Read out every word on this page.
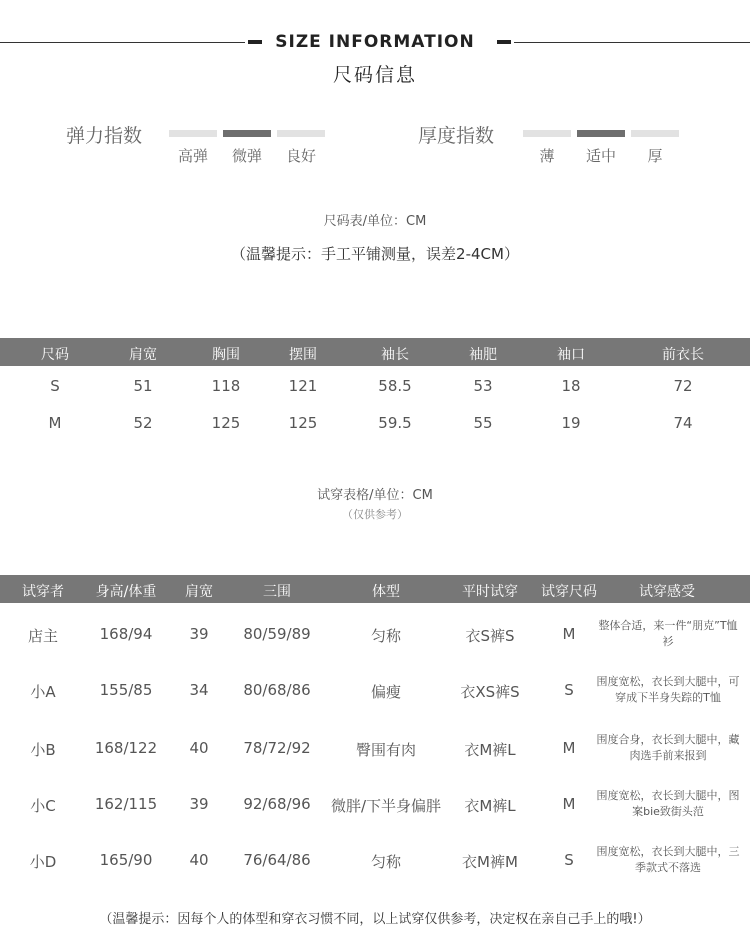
SIZE INFORMATION
尺码信息
弹力指数
高弹	微弹	良好
厚度指数
薄	适中	厚
尺码表/单位：CM
（温馨提示：手工平铺测量，误差2-4CM）
尺码	肩宽	胸围	摆围	袖长	袖肥	袖口	前衣长
S	51	118	121	58.5	53	18	72
M	52	125	125	59.5	55	19	74
试穿表格/单位：CM
（仅供参考）
试穿者	身高/体重	肩宽	三围	体型	平时试穿	试穿尺码	试穿感受
店主	168/94	39	80/59/89	匀称	衣S裤S	M	整体合适，来一件“朋克”T恤衫
小A	155/85	34	80/68/86	偏瘦	衣XS裤S	S	围度宽松，衣长到大腿中，可穿成下半身失踪的T恤
小B	168/122	40	78/72/92	臀围有肉	衣M裤L	M	围度合身，衣长到大腿中，藏肉选手前来报到
小C	162/115	39	92/68/96	微胖/下半身偏胖	衣M裤L	M	围度宽松，衣长到大腿中，图案bie致街头范
小D	165/90	40	76/64/86	匀称	衣M裤M	S	围度宽松，衣长到大腿中，三季款式不落选
（温馨提示：因每个人的体型和穿衣习惯不同，以上试穿仅供参考，决定权在亲自己手上的哦!）
